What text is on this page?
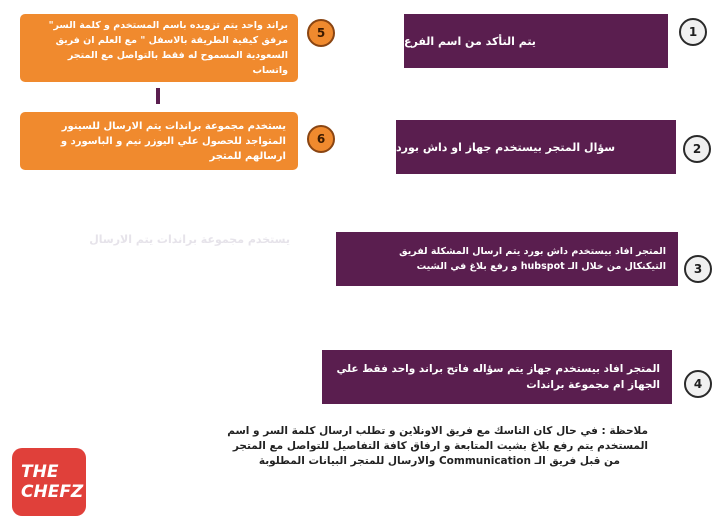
يتم التأكد من اسم الفرع
1
سؤال المتجر بيستخدم جهاز او داش بورد	2
المتجر افاد بيستخدم داش بورد يتم ارسال المشكلة لفريق
التيكنكال من خلال الـ hubspot و رفع بلاغ في الشيت 3
المتجر افاد بيستخدم جهاز يتم سؤاله فاتح براند واحد فقط علي
الجهاز ام مجموعة براندات	4
براند واحد يتم تزويده باسم المستخدم و كلمة السر"
مرفق كيفية الطريقة بالاسفل " مع العلم ان فريق
السعودية المسموح له فقط بالتواصل مع المتجر
واتساب
5
يستخدم مجموعة براندات يتم الارسال للسينور
المتواجد للحصول علي اليوزر نيم و الباسورد و
ارسالهم للمتجر
6
يستخدم مجموعة براندات يتم الارسال
ملاحظة : في حال كان التاسك مع فريق الاونلاين و تطلب ارسال كلمة السر و اسم
المستخدم يتم رفع بلاغ بشيت المتابعة و ارفاق كافة التفاصيل للتواصل مع المتجر
من قبل فريق الـ Communication والارسال للمتجر البيانات المطلوبة
THE
CHEFZ
